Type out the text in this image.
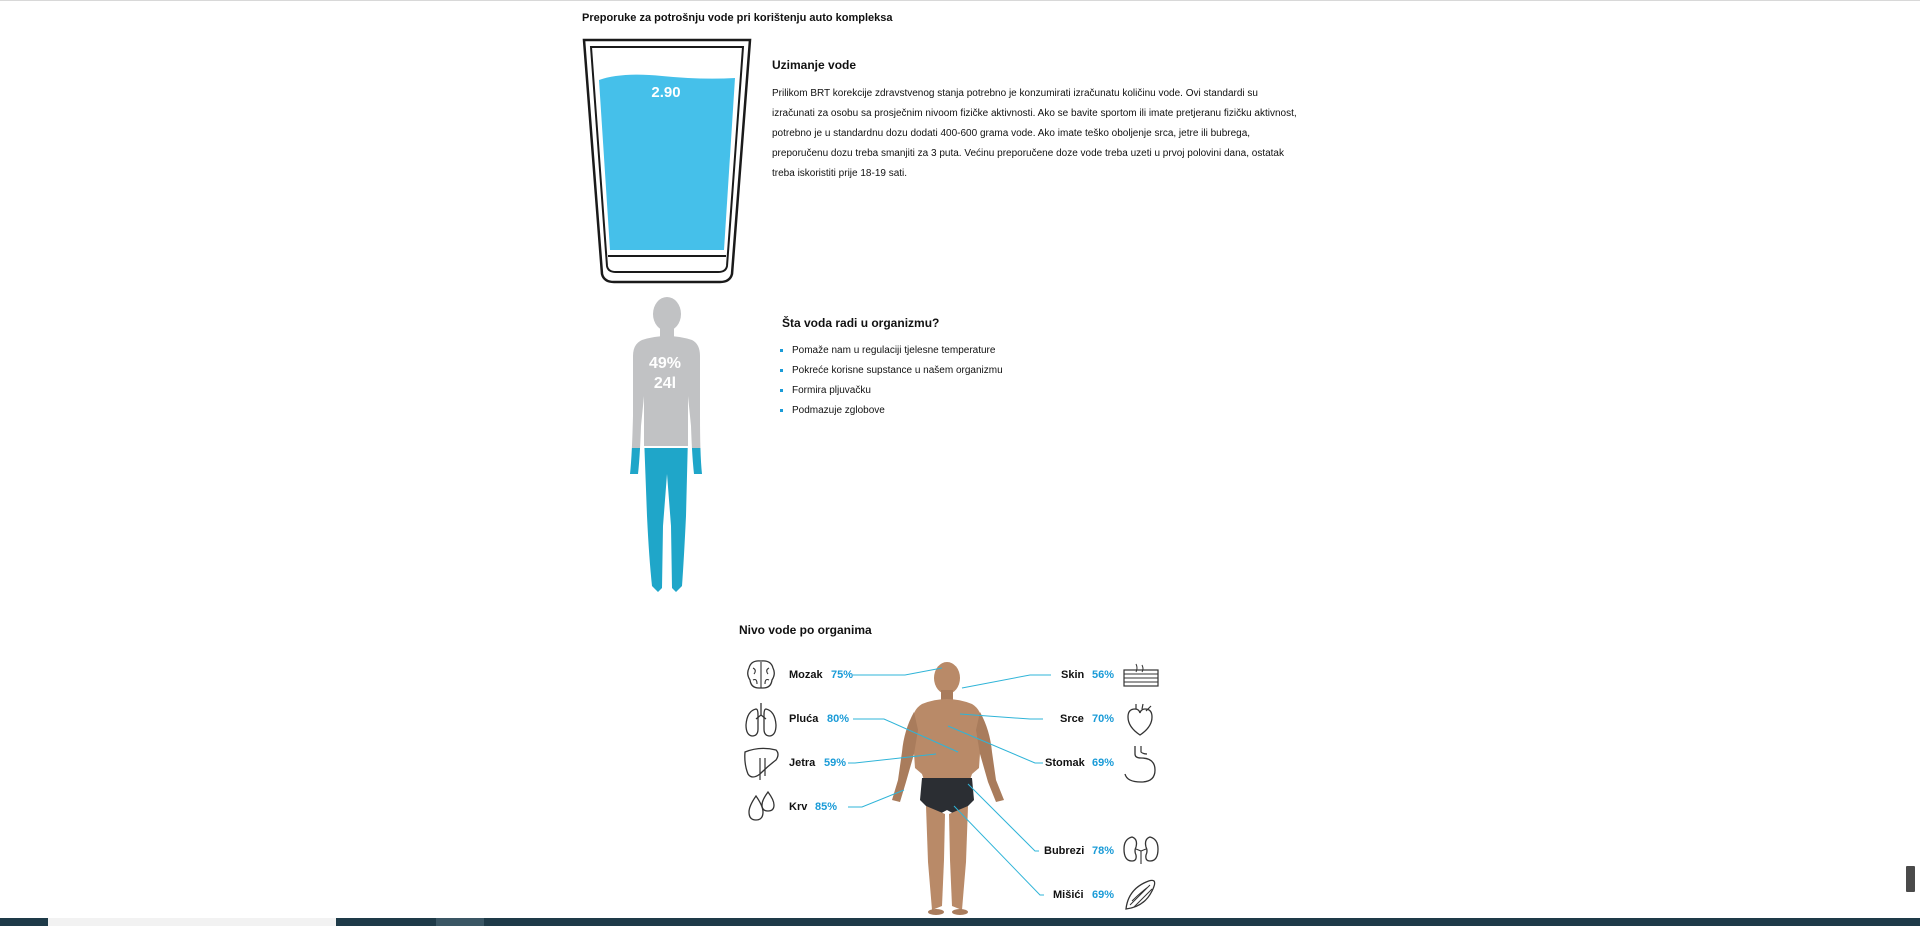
Preporuke za potrošnju vode pri korištenju auto kompleksa
2.90
Uzimanje vode
Prilikom BRT korekcije zdravstvenog stanja potrebno je konzumirati izračunatu količinu vode. Ovi standardi su izračunati za osobu sa prosječnim nivoom fizičke aktivnosti. Ako se bavite sportom ili imate pretjeranu fizičku aktivnost, potrebno je u standardnu dozu dodati 400-600 grama vode. Ako imate teško oboljenje srca, jetre ili bubrega, preporučenu dozu treba smanjiti za 3 puta. Većinu preporučene doze vode treba uzeti u prvoj polovini dana, ostatak treba iskoristiti prije 18-19 sati.
49%
24l
Šta voda radi u organizmu?
Pomaže nam u regulaciji tjelesne temperature
Pokreće korisne supstance u našem organizmu
Formira pljuvačku
Podmazuje zglobove
Nivo vode po organima
Mozak 75%
Pluća 80%
Jetra 59%
Krv 85%
Skin 56%
Srce 70%
Stomak 69%
Bubrezi 78%
Mišići 69%
